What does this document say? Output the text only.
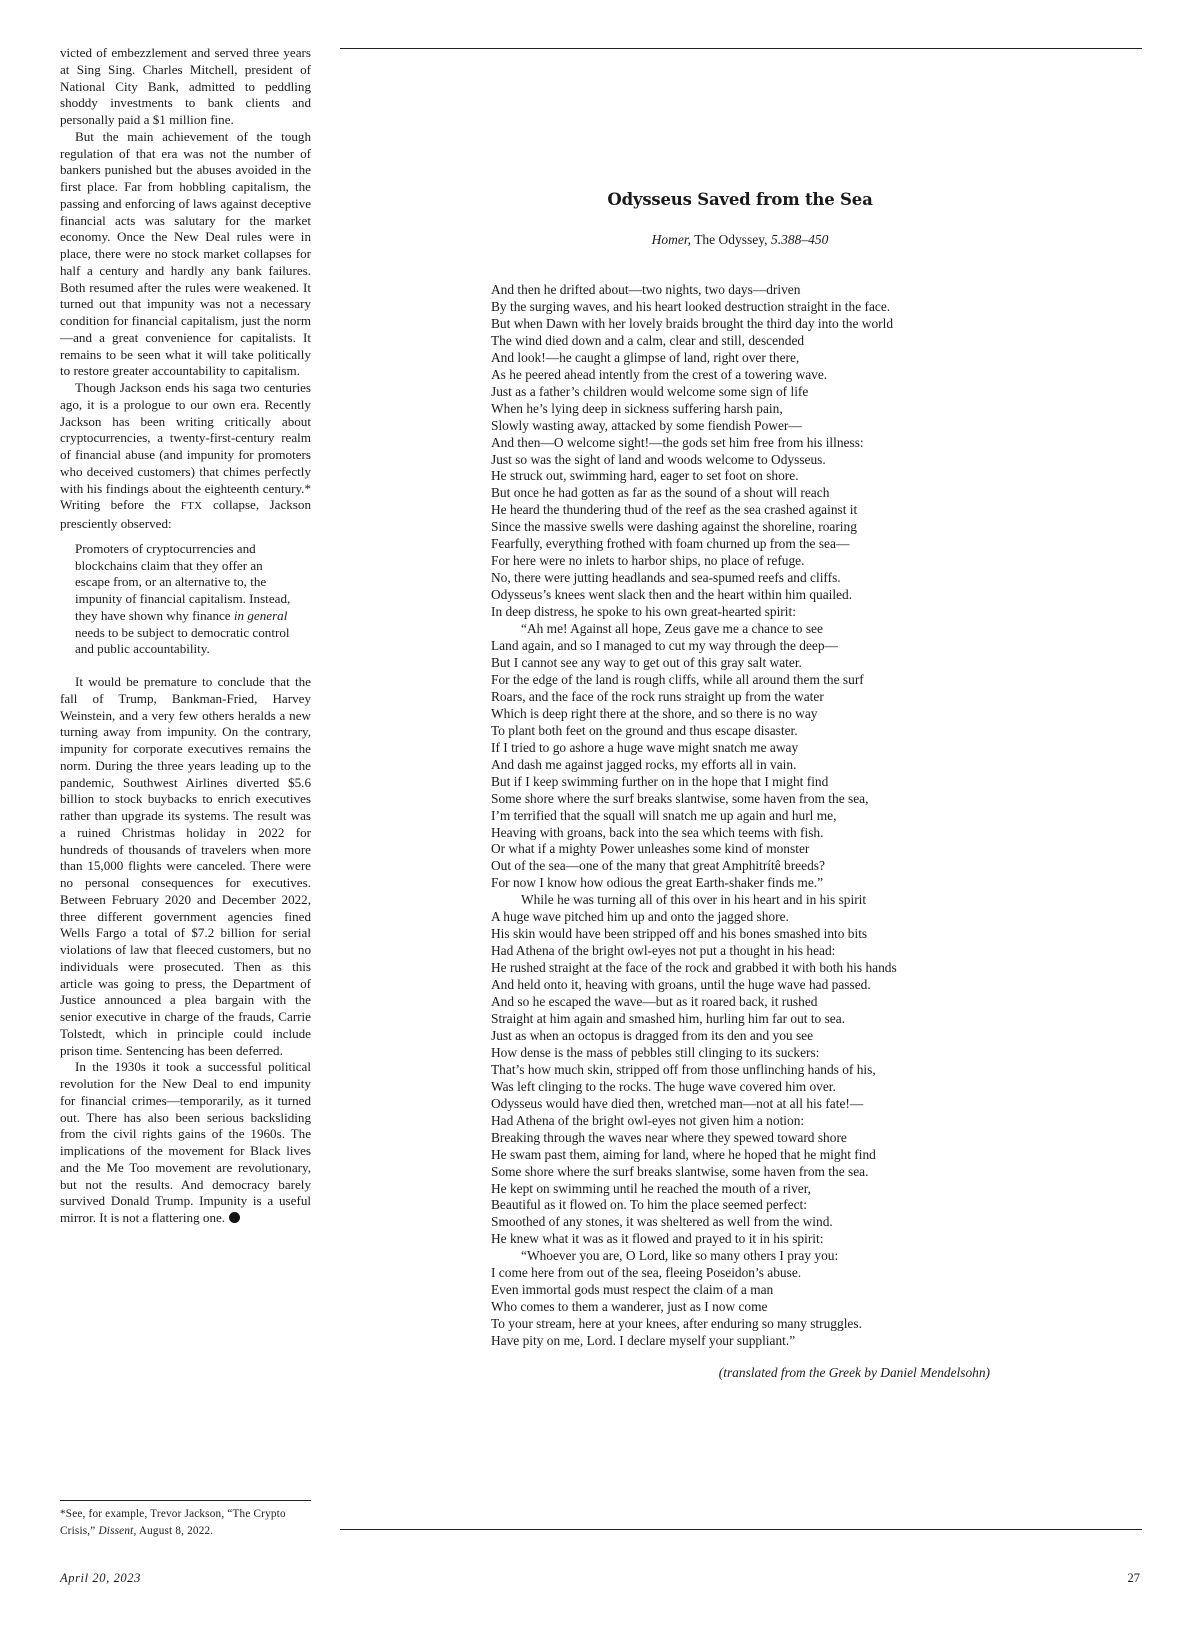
victed of embezzlement and served three years at Sing Sing. Charles Mitchell, president of National City Bank, admitted to peddling shoddy investments to bank clients and personally paid a $1 million fine.

But the main achievement of the tough regulation of that era was not the number of bankers punished but the abuses avoided in the first place. Far from hobbling capitalism, the passing and enforcing of laws against deceptive financial acts was salutary for the market economy. Once the New Deal rules were in place, there were no stock market collapses for half a century and hardly any bank failures. Both resumed after the rules were weakened. It turned out that impunity was not a necessary condition for financial capitalism, just the norm—and a great convenience for capitalists. It remains to be seen what it will take politically to restore greater accountability to capitalism.

Though Jackson ends his saga two centuries ago, it is a prologue to our own era. Recently Jackson has been writing critically about cryptocurrencies, a twenty-first-century realm of financial abuse (and impunity for promoters who deceived customers) that chimes perfectly with his findings about the eighteenth century.* Writing before the FTX collapse, Jackson presciently observed:

Promoters of cryptocurrencies and blockchains claim that they offer an escape from, or an alternative to, the impunity of financial capitalism. Instead, they have shown why finance in general needs to be subject to democratic control and public accountability.

It would be premature to conclude that the fall of Trump, Bankman-Fried, Harvey Weinstein, and a very few others heralds a new turning away from impunity. On the contrary, impunity for corporate executives remains the norm. During the three years leading up to the pandemic, Southwest Airlines diverted $5.6 billion to stock buybacks to enrich executives rather than upgrade its systems. The result was a ruined Christmas holiday in 2022 for hundreds of thousands of travelers when more than 15,000 flights were canceled. There were no personal consequences for executives. Between February 2020 and December 2022, three different government agencies fined Wells Fargo a total of $7.2 billion for serial violations of law that fleeced customers, but no individuals were prosecuted. Then as this article was going to press, the Department of Justice announced a plea bargain with the senior executive in charge of the frauds, Carrie Tolstedt, which in principle could include prison time. Sentencing has been deferred.

In the 1930s it took a successful political revolution for the New Deal to end impunity for financial crimes—temporarily, as it turned out. There has also been serious backsliding from the civil rights gains of the 1960s. The implications of the movement for Black lives and the Me Too movement are revolutionary, but not the results. And democracy barely survived Donald Trump. Impunity is a useful mirror. It is not a flattering one.

*See, for example, Trevor Jackson, “The Crypto Crisis,” Dissent, August 8, 2022.
Odysseus Saved from the Sea
Homer, The Odyssey, 5.388–450
And then he drifted about—two nights, two days—driven
By the surging waves, and his heart looked destruction straight in the face.
But when Dawn with her lovely braids brought the third day into the world
The wind died down and a calm, clear and still, descended
And look!—he caught a glimpse of land, right over there,
As he peered ahead intently from the crest of a towering wave.
Just as a father’s children would welcome some sign of life
When he’s lying deep in sickness suffering harsh pain,
Slowly wasting away, attacked by some fiendish Power—
And then—O welcome sight!—the gods set him free from his illness:
Just so was the sight of land and woods welcome to Odysseus.
He struck out, swimming hard, eager to set foot on shore.
But once he had gotten as far as the sound of a shout will reach
He heard the thundering thud of the reef as the sea crashed against it
Since the massive swells were dashing against the shoreline, roaring
Fearfully, everything frothed with foam churned up from the sea—
For here were no inlets to harbor ships, no place of refuge.
No, there were jutting headlands and sea-spumed reefs and cliffs.
Odysseus’s knees went slack then and the heart within him quailed.
In deep distress, he spoke to his own great-hearted spirit:
“Ah me! Against all hope, Zeus gave me a chance to see
Land again, and so I managed to cut my way through the deep—
But I cannot see any way to get out of this gray salt water.
For the edge of the land is rough cliffs, while all around them the surf
Roars, and the face of the rock runs straight up from the water
Which is deep right there at the shore, and so there is no way
To plant both feet on the ground and thus escape disaster.
If I tried to go ashore a huge wave might snatch me away
And dash me against jagged rocks, my efforts all in vain.
But if I keep swimming further on in the hope that I might find
Some shore where the surf breaks slantwise, some haven from the sea,
I’m terrified that the squall will snatch me up again and hurl me,
Heaving with groans, back into the sea which teems with fish.
Or what if a mighty Power unleashes some kind of monster
Out of the sea—one of the many that great Amphitrítê breeds?
For now I know how odious the great Earth-shaker finds me.”
While he was turning all of this over in his heart and in his spirit
A huge wave pitched him up and onto the jagged shore.
His skin would have been stripped off and his bones smashed into bits
Had Athena of the bright owl-eyes not put a thought in his head:
He rushed straight at the face of the rock and grabbed it with both his hands
And held onto it, heaving with groans, until the huge wave had passed.
And so he escaped the wave—but as it roared back, it rushed
Straight at him again and smashed him, hurling him far out to sea.
Just as when an octopus is dragged from its den and you see
How dense is the mass of pebbles still clinging to its suckers:
That’s how much skin, stripped off from those unflinching hands of his,
Was left clinging to the rocks. The huge wave covered him over.
Odysseus would have died then, wretched man—not at all his fate!—
Had Athena of the bright owl-eyes not given him a notion:
Breaking through the waves near where they spewed toward shore
He swam past them, aiming for land, where he hoped that he might find
Some shore where the surf breaks slantwise, some haven from the sea.
He kept on swimming until he reached the mouth of a river,
Beautiful as it flowed on. To him the place seemed perfect:
Smoothed of any stones, it was sheltered as well from the wind.
He knew what it was as it flowed and prayed to it in his spirit:
“Whoever you are, O Lord, like so many others I pray you:
I come here from out of the sea, fleeing Poseidon’s abuse.
Even immortal gods must respect the claim of a man
Who comes to them a wanderer, just as I now come
To your stream, here at your knees, after enduring so many struggles.
Have pity on me, Lord. I declare myself your suppliant.”
(translated from the Greek by Daniel Mendelsohn)
April 20, 2023	27
